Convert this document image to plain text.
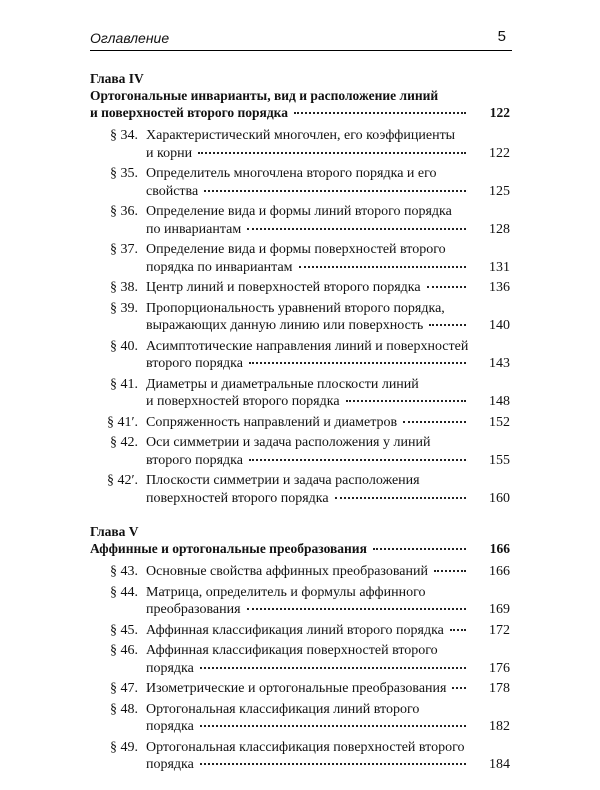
Оглавление	5
Глава IV
Ортогональные инварианты, вид и расположение линий
и поверхностей второго порядка	122
§ 34. Характеристический многочлен, его коэффициенты
и корни	122
§ 35. Определитель многочлена второго порядка и его
свойства	125
§ 36. Определение вида и формы линий второго порядка
по инвариантам	128
§ 37. Определение вида и формы поверхностей второго
порядка по инвариантам	131
§ 38. Центр линий и поверхностей второго порядка	136
§ 39. Пропорциональность уравнений второго порядка,
выражающих данную линию или поверхность	140
§ 40. Асимптотические направления линий и поверхностей
второго порядка	143
§ 41. Диаметры и диаметральные плоскости линий
и поверхностей второго порядка	148
§ 41′. Сопряженность направлений и диаметров	152
§ 42. Оси симметрии и задача расположения у линий
второго порядка	155
§ 42′. Плоскости симметрии и задача расположения
поверхностей второго порядка	160
Глава V
Аффинные и ортогональные преобразования	166
§ 43. Основные свойства аффинных преобразований	166
§ 44. Матрица, определитель и формулы аффинного
преобразования	169
§ 45. Аффинная классификация линий второго порядка	172
§ 46. Аффинная классификация поверхностей второго
порядка	176
§ 47. Изометрические и ортогональные преобразования	178
§ 48. Ортогональная классификация линий второго
порядка	182
§ 49. Ортогональная классификация поверхностей второго
порядка	184
